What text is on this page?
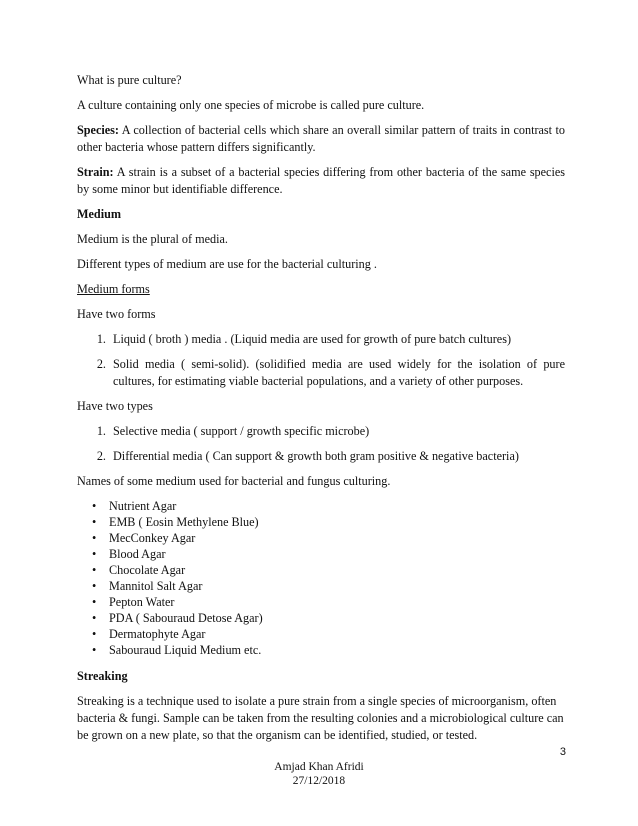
What is pure culture?

A culture containing only one species of microbe is called pure culture.

Species: A collection of bacterial cells which share an overall similar pattern of traits in contrast to other bacteria whose pattern differs significantly.

Strain: A strain is a subset of a bacterial species differing from other bacteria of the same species by some minor but identifiable difference.

Medium

Medium is the plural of media.

Different types of medium are use for the bacterial culturing .

Medium forms

Have two forms

1. Liquid ( broth ) media . (Liquid media are used for growth of pure batch cultures)
2. Solid media ( semi-solid). (solidified media are used widely for the isolation of pure cultures, for estimating viable bacterial populations, and a variety of other purposes.

Have two types

1. Selective media ( support / growth specific microbe)
2. Differential media ( Can support & growth both gram positive & negative bacteria)

Names of some medium used for bacterial and fungus culturing.

• Nutrient Agar
• EMB ( Eosin Methylene Blue)
• MecConkey Agar
• Blood Agar
• Chocolate Agar
• Mannitol Salt Agar
• Pepton Water
• PDA ( Sabouraud Detose Agar)
• Dermatophyte Agar
• Sabouraud Liquid Medium etc.

Streaking

Streaking is a technique used to isolate a pure strain from a single species of microorganism, often bacteria & fungi. Sample can be taken from the resulting colonies and a microbiological culture can be grown on a new plate, so that the organism can be identified, studied, or tested.

3
Amjad Khan Afridi
27/12/2018
